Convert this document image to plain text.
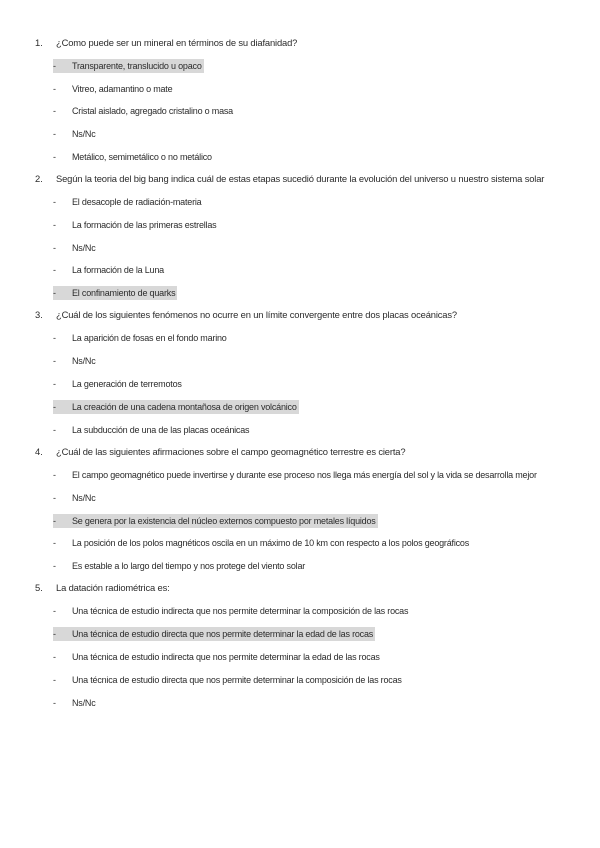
1. ¿Como puede ser un mineral en términos de su diafanidad?
- Transparente, translucido u opaco
- Vitreo, adamantino o mate
- Cristal aislado, agregado cristalino o masa
- Ns/Nc
- Metálico, semimetálico o no metálico
2. Según la teoria del big bang indica cuál de estas etapas sucedió durante la evolución del universo u nuestro sistema solar
- El desacople de radiación-materia
- La formación de las primeras estrellas
- Ns/Nc
- La formación de la Luna
- El confinamiento de quarks
3. ¿Cuál de los siguientes fenómenos no ocurre en un límite convergente entre dos placas oceánicas?
- La aparición de fosas en el fondo marino
- Ns/Nc
- La generación de terremotos
- La creación de una cadena montañosa de origen volcánico
- La subducción de una de las placas oceánicas
4. ¿Cuál de las siguientes afirmaciones sobre el campo geomagnético terrestre es cierta?
- El campo geomagnético puede invertirse y durante ese proceso nos llega más energía del sol y la vida se desarrolla mejor
- Ns/Nc
- Se genera por la existencia del núcleo externos compuesto por metales líquidos
- La posición de los polos magnéticos oscila en un máximo de 10 km con respecto a los polos geográficos
- Es estable a lo largo del tiempo y nos protege del viento solar
5. La datación radiométrica es:
- Una técnica de estudio indirecta que nos permite determinar la composición de las rocas
- Una técnica de estudio directa que nos permite determinar la edad de las rocas
- Una técnica de estudio indirecta que nos permite determinar la edad de las rocas
- Una técnica de estudio directa que nos permite determinar la composición de las rocas
- Ns/Nc
